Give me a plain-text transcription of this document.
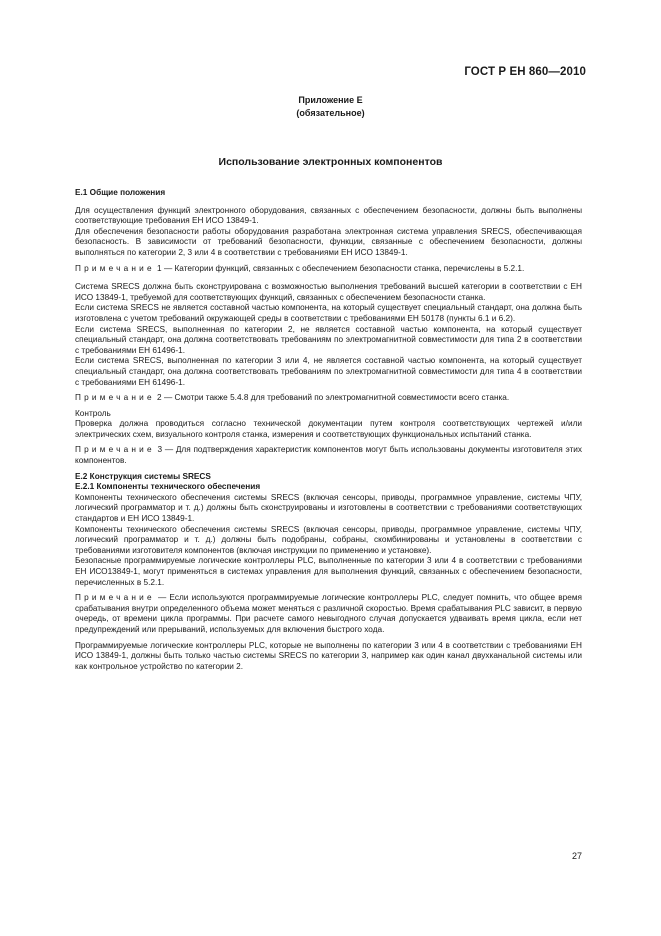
ГОСТ Р ЕН 860—2010
Приложение Е
(обязательное)
Использование электронных компонентов

Е.1 Общие положения

Для осуществления функций электронного оборудования, связанных с обеспечением безопасности, должны быть выполнены соответствующие требования ЕН ИСО 13849-1.

Для обеспечения безопасности работы оборудования разработана электронная система управления SRECS, обеспечивающая безопасность. В зависимости от требований безопасности, функции, связанные с обеспечением безопасности, должны выполняться по категории 2, 3 или 4 в соответствии с требованиями ЕН ИСО 13849-1.

Примечание 1 — Категории функций, связанных с обеспечением безопасности станка, перечислены в 5.2.1.

Система SRECS должна быть сконструирована с возможностью выполнения требований высшей категории в соответствии с ЕН ИСО 13849-1, требуемой для соответствующих функций, связанных с обеспечением безопасности станка.

Если система SRECS не является составной частью компонента, на который существует специальный стандарт, она должна быть изготовлена с учетом требований окружающей среды в соответствии с требованиями ЕН 50178 (пункты 6.1 и 6.2).

Если система SRECS, выполненная по категории 2, не является составной частью компонента, на который существует специальный стандарт, она должна соответствовать требованиям по электромагнитной совместимости для типа 2 в соответствии с требованиями ЕН 61496-1.

Если система SRECS, выполненная по категории 3 или 4, не является составной частью компонента, на который существует специальный стандарт, она должна соответствовать требованиям по электромагнитной совместимости для типа 4 в соответствии с требованиями ЕН 61496-1.

Примечание 2 — Смотри также 5.4.8 для требований по электромагнитной совместимости всего станка.

Контроль

Проверка должна проводиться согласно технической документации путем контроля соответствующих чертежей и/или электрических схем, визуального контроля станка, измерения и соответствующих функциональных испытаний станка.

Примечание 3 — Для подтверждения характеристик компонентов могут быть использованы документы изготовителя этих компонентов.

Е.2 Конструкция системы SRECS

Е.2.1 Компоненты технического обеспечения

Компоненты технического обеспечения системы SRECS (включая сенсоры, приводы, программное управление, системы ЧПУ, логический программатор и т. д.) должны быть сконструированы и изготовлены в соответствии с требованиями соответствующих стандартов и ЕН ИСО 13849-1.

Компоненты технического обеспечения системы SRECS (включая сенсоры, приводы, программное управление, системы ЧПУ, логический программатор и т. д.) должны быть подобраны, собраны, скомбинированы и установлены в соответствии с требованиями изготовителя компонентов (включая инструкции по применению и установке).

Безопасные программируемые логические контроллеры PLC, выполненные по категории 3 или 4 в соответствии с требованиями ЕН ИСО13849-1, могут применяться в системах управления для выполнения функций, связанных с обеспечением безопасности, перечисленных в 5.2.1.

Примечание — Если используются программируемые логические контроллеры PLC, следует помнить, что общее время срабатывания внутри определенного объема может меняться с различной скоростью. Время срабатывания PLC зависит, в первую очередь, от времени цикла программы. При расчете самого невыгодного случая допускается удваивать время цикла, если нет предупреждений или прерываний, используемых для включения быстрого хода.

Программируемые логические контроллеры PLC, которые не выполнены по категории 3 или 4 в соответствии с требованиями ЕН ИСО 13849-1, должны быть только частью системы SRECS по категории 3, например как один канал двухканальной системы или как контрольное устройство по категории 2.

27
